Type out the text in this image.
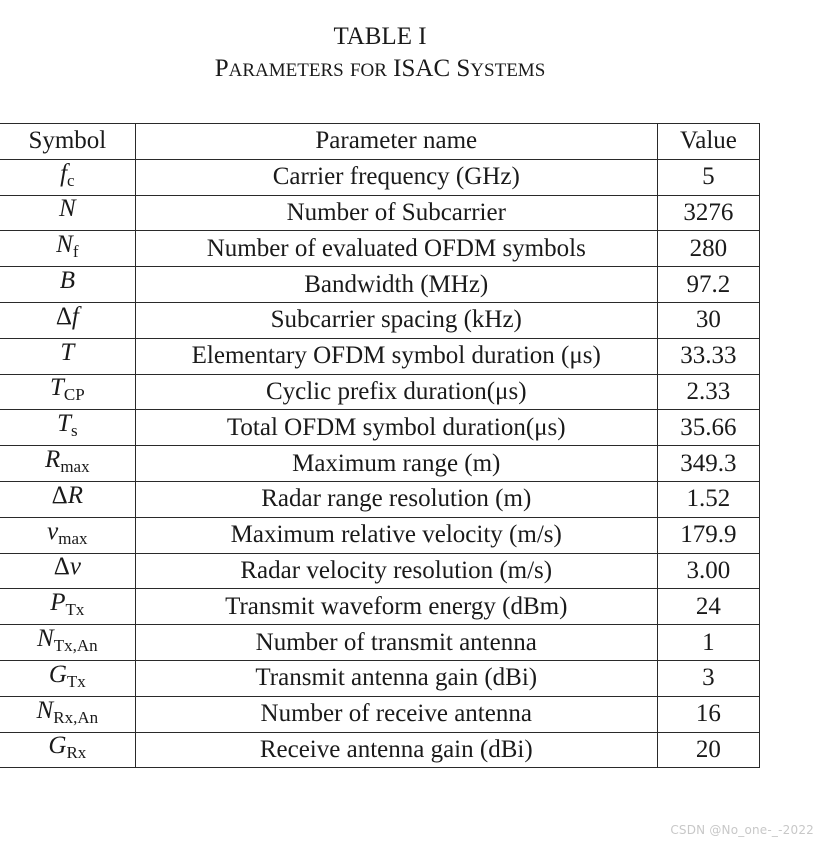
TABLE I
PARAMETERS FOR ISAC SYSTEMS
Symbol	Parameter name	Value
$f_c$	Carrier frequency (GHz)	5
N	Number of Subcarrier	3276
$N_f$	Number of evaluated OFDM symbols	280
B	Bandwidth (MHz)	97.2
Δf	Subcarrier spacing (kHz)	30
T	Elementary OFDM symbol duration (μs)	33.33
$T_{CP}$	Cyclic prefix duration(μs)	2.33
$T_s$	Total OFDM symbol duration(μs)	35.66
$R_{max}$	Maximum range (m)	349.3
ΔR	Radar range resolution (m)	1.52
$v_{max}$	Maximum relative velocity (m/s)	179.9
Δv	Radar velocity resolution (m/s)	3.00
$P_{Tx}$	Transmit waveform energy (dBm)	24
$N_{Tx,An}$	Number of transmit antenna	1
$G_{Tx}$	Transmit antenna gain (dBi)	3
$N_{Rx,An}$	Number of receive antenna	16
$G_{Rx}$	Receive antenna gain (dBi)	20
CSDN @No_one-_-2022
